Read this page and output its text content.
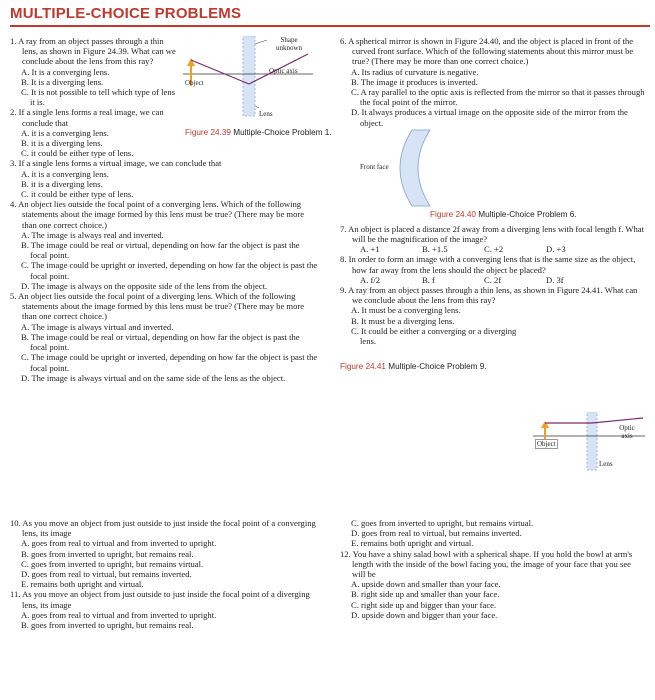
MULTIPLE-CHOICE PROBLEMS
Shape unknown
Optic axis
Object
Lens
Figure 24.39 Multiple-Choice Problem 1.

1. A ray from an object passes through a thin lens, as shown in Figure 24.39. What can we conclude about the lens from this ray?

A. It is a converging lens.

B. It is a diverging lens.

C. It is not possible to tell which type of lens it is.

2. If a single lens forms a real image, we can conclude that

A. it is a converging lens.

B. it is a diverging lens.

C. it could be either type of lens.

3. If a single lens forms a virtual image, we can conclude that

A. it is a converging lens.

B. it is a diverging lens.

C. it could be either type of lens.

4. An object lies outside the focal point of a converging lens. Which of the following statements about the image formed by this lens must be true? (There may be more than one correct choice.)

A. The image is always real and inverted.

B. The image could be real or virtual, depending on how far the object is past the focal point.

C. The image could be upright or inverted, depending on how far the object is past the focal point.

D. The image is always on the opposite side of the lens from the object.

5. An object lies outside the focal point of a diverging lens. Which of the following statements about the image formed by this lens must be true? (There may be more than one correct choice.)

A. The image is always virtual and inverted.

B. The image could be real or virtual, depending on how far the object is past the focal point.

C. The image could be upright or inverted, depending on how far the object is past the focal point.

D. The image is always virtual and on the same side of the lens as the object.

6. A spherical mirror is shown in Figure 24.40, and the object is placed in front of the curved front surface. Which of the following statements about this mirror must be true? (There may be more than one correct choice.)

A. Its radius of curvature is negative.

B. The image it produces is inverted.

C. A ray parallel to the optic axis is reflected from the mirror so that it passes through the focal point of the mirror.

D. It always produces a virtual image on the opposite side of the mirror from the object.

Front face
Figure 24.40 Multiple-Choice Problem 6.

7. An object is placed a distance 2f away from a diverging lens with focal length f. What will be the magnification of the image?

A. +1	B. +1.5	C. +2	D. +3

8. In order to form an image with a converging lens that is the same size as the object, how far away from the lens should the object be placed?

A. f/2	B. f	C. 2f	D. 3f

9. A ray from an object passes through a thin lens, as shown in Figure 24.41. What can we conclude about the lens from this ray?

A. It must be a converging lens.

B. It must be a diverging lens.

C. It could be either a converging or a diverging lens.

Figure 24.41 Multiple-Choice Problem 9.
Object
Optic axis
Lens

10. As you move an object from just outside to just inside the focal point of a converging lens, its image

A. goes from real to virtual and from inverted to upright.

B. goes from inverted to upright, but remains real.

C. goes from inverted to upright, but remains virtual.

D. goes from real to virtual, but remains inverted.

E. remains both upright and virtual.

11. As you move an object from just outside to just inside the focal point of a diverging lens, its image

A. goes from real to virtual and from inverted to upright.

B. goes from inverted to upright, but remains real.

C. goes from inverted to upright, but remains virtual.

D. goes from real to virtual, but remains inverted.

E. remains both upright and virtual.

12. You have a shiny salad bowl with a spherical shape. If you hold the bowl at arm's length with the inside of the bowl facing you, the image of your face that you see will be

A. upside down and smaller than your face.

B. right side up and smaller than your face.

C. right side up and bigger than your face.

D. upside down and bigger than your face.
